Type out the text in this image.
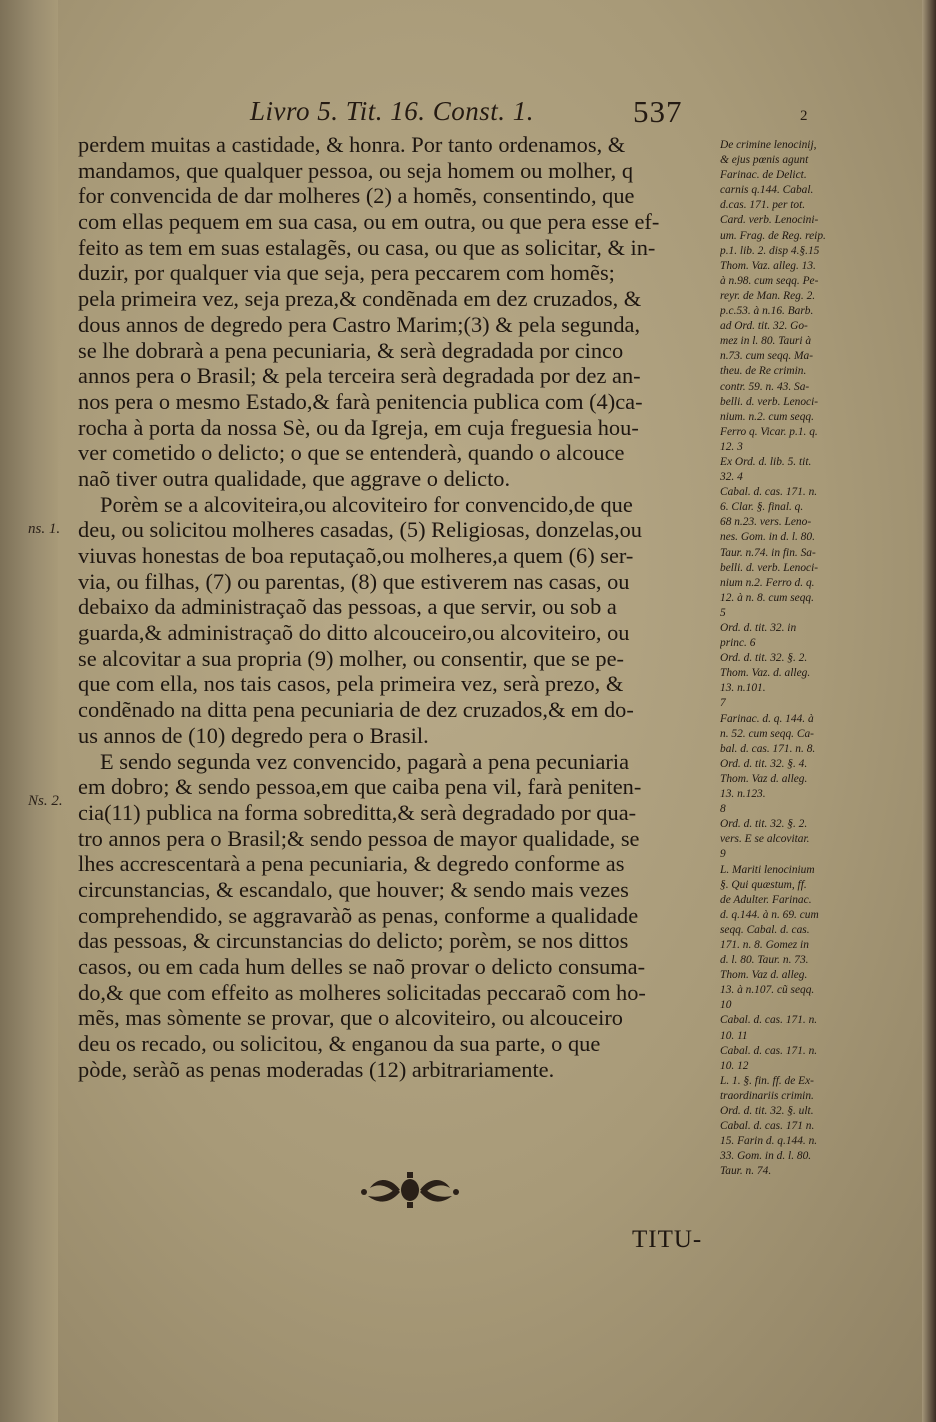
Livro 5. Tit. 16. Const. 1.	537	2
ns. 1.
Ns. 2.
perdem muitas a castidade, & honra. Por tanto ordenamos, &
mandamos, que qualquer pessoa, ou seja homem ou molher, q
for convencida de dar molheres (2) a homẽs, consentindo, que
com ellas pequem em sua casa, ou em outra, ou que pera esse ef-
feito as tem em suas estalagẽs, ou casa, ou que as solicitar, & in-
duzir, por qualquer via que seja, pera peccarem com homẽs;
pela primeira vez, seja preza,& condẽnada em dez cruzados, &
dous annos de degredo pera Castro Marim;(3) & pela segunda,
se lhe dobrarà a pena pecuniaria, & serà degradada por cinco
annos pera o Brasil; & pela terceira serà degradada por dez an-
nos pera o mesmo Estado,& farà penitencia publica com (4)ca-
rocha à porta da nossa Sè, ou da Igreja, em cuja freguesia hou-
ver cometido o delicto; o que se entenderà, quando o alcouce
naõ tiver outra qualidade, que aggrave o delicto.
Porèm se a alcoviteira,ou alcoviteiro for convencido,de que
deu, ou solicitou molheres casadas, (5) Religiosas, donzelas,ou
viuvas honestas de boa reputaçaõ,ou molheres,a quem (6) ser-
via, ou filhas, (7) ou parentas, (8) que estiverem nas casas, ou
debaixo da administraçaõ das pessoas, a que servir, ou sob a
guarda,& administraçaõ do ditto alcouceiro,ou alcoviteiro, ou
se alcovitar a sua propria (9) molher, ou consentir, que se pe-
que com ella, nos tais casos, pela primeira vez, serà prezo, &
condẽnado na ditta pena pecuniaria de dez cruzados,& em do-
us annos de (10) degredo pera o Brasil.
E sendo segunda vez convencido, pagarà a pena pecuniaria
em dobro; & sendo pessoa,em que caiba pena vil, farà peniten-
cia(11) publica na forma sobreditta,& serà degradado por qua-
tro annos pera o Brasil;& sendo pessoa de mayor qualidade, se
lhes accrescentarà a pena pecuniaria, & degredo conforme as
circunstancias, & escandalo, que houver; & sendo mais vezes
comprehendido, se aggravaràõ as penas, conforme a qualidade
das pessoas, & circunstancias do delicto; porèm, se nos dittos
casos, ou em cada hum delles se naõ provar o delicto consuma-
do,& que com effeito as molheres solicitadas peccaraõ com ho-
mẽs, mas sòmente se provar, que o alcoviteiro, ou alcouceiro
deu os recado, ou solicitou, & enganou da sua parte, o que
pòde, seràõ as penas moderadas (12) arbitrariamente.
De crimine lenocinij,
& ejus pœnis agunt
Farinac. de Delict.
carnis q.144. Cabal.
d.cas. 171. per tot.
Card. verb. Lenocini-
um. Frag. de Reg. reip.
p.1. lib. 2. disp 4.§.15
Thom. Vaz. alleg. 13.
à n.98. cum seqq. Pe-
reyr. de Man. Reg. 2.
p.c.53. à n.16. Barb.
ad Ord. tit. 32. Go-
mez in l. 80. Tauri à
n.73. cum seqq. Ma-
theu. de Re crimin.
contr. 59. n. 43. Sa-
belli. d. verb. Lenoci-
nium. n.2. cum seqq.
Ferro q. Vicar. p.1. q.
12. 3
Ex Ord. d. lib. 5. tit.
32. 4
Cabal. d. cas. 171. n.
6. Clar. §. final. q.
68 n.23. vers. Leno-
nes. Gom. in d. l. 80.
Taur. n.74. in fin. Sa-
belli. d. verb. Lenoci-
nium n.2. Ferro d. q.
12. à n. 8. cum seqq.
5
Ord. d. tit. 32. in
princ. 6
Ord. d. tit. 32. §. 2.
Thom. Vaz. d. alleg.
13. n.101.
7
Farinac. d. q. 144. à
n. 52. cum seqq. Ca-
bal. d. cas. 171. n. 8.
Ord. d. tit. 32. §. 4.
Thom. Vaz d. alleg.
13. n.123.
8
Ord. d. tit. 32. §. 2.
vers. E se alcovitar.
9
L. Mariti lenocinium
§. Qui quæstum, ff.
de Adulter. Farinac.
d. q.144. à n. 69. cum
seqq. Cabal. d. cas.
171. n. 8. Gomez in
d. l. 80. Taur. n. 73.
Thom. Vaz d. alleg.
13. à n.107. cũ seqq.
10
Cabal. d. cas. 171. n.
10. 11
Cabal. d. cas. 171. n.
10. 12
L. 1. §. fin. ff. de Ex-
traordinariis crimin.
Ord. d. tit. 32. §. ult.
Cabal. d. cas. 171 n.
15. Farin d. q.144. n.
33. Gom. in d. l. 80.
Taur. n. 74.
TITU-
